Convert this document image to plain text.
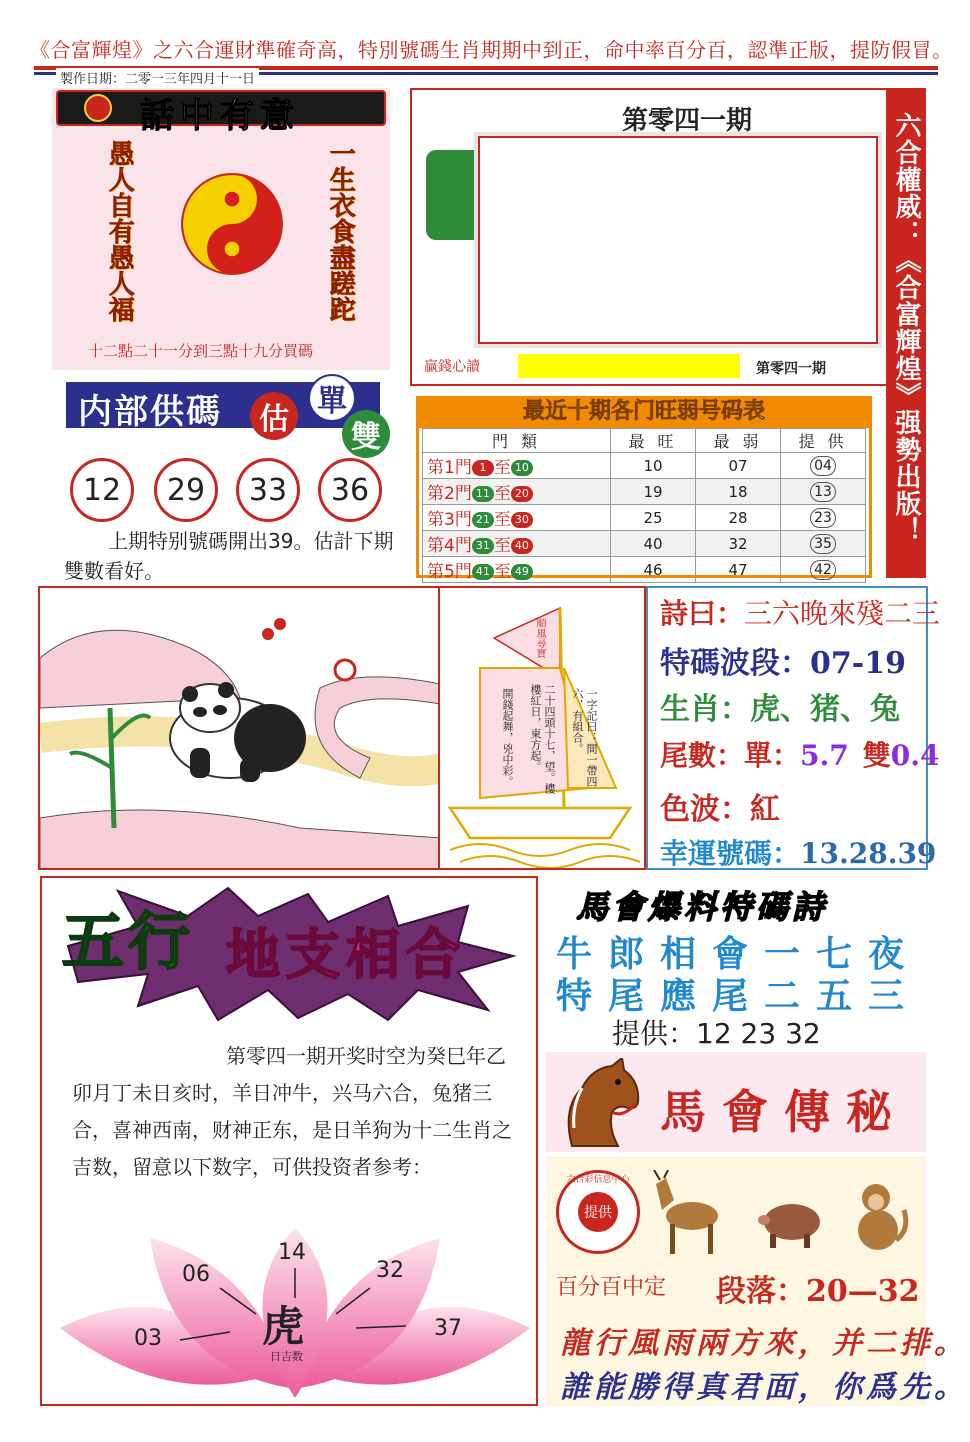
《合富輝煌》之六合運財準確奇高，特別號碼生肖期期中到正，命中率百分百，認準正版，提防假冒。
製作日期：二零一三年四月十一日
話中有意
愚人自有愚人福	一生衣食盡蹉跎
十二點二十一分到三點十九分買碼
第零四一期
贏錢心讀	第零四一期	六合權威：《合富輝煌》强勢出版！
内部供碼	估
單
雙
12	29	33	36
上期特别號碼開出39。估計下期雙數看好。
最近十期各门旺弱号码表
門 類	最 旺	最 弱	提 供
第1門 1 至 10	10	07	04
第2門 11 至 20	19	18	13
第3門 21 至 30	25	28	23
第4門 31 至 40	40	32	35
第5門 41 至 49	46	47	42
順風尋寶
一字記曰：間一帶四六，有組合。
二十四頭十七，望。樓樓紅日，東方起。
開錢起舞，兇中彩。
詩曰：三六晚來殘二三
特碼波段：07-19
生肖：虎、猪、兔
尾數：單：5.7 雙0.4
色波：紅
幸運號碼：13.28.39
五行 地支相合
第零四一期开奖时空为癸巳年乙卯月丁未日亥时，羊日冲牛，兴马六合，兔猪三合，喜神西南，财神正东，是日羊狗为十二生肖之吉数，留意以下数字，可供投资者参考：
03
06
14
32
37
虎
日吉数
馬會爆料特碼詩
牛郎相會一七夜
特尾應尾二五三
提供：12 23 32
馬會傳秘
六合彩信息中心
提供
百分百中定 段落：20—32
龍行風雨兩方來，并二排。
誰能勝得真君面，你爲先。
